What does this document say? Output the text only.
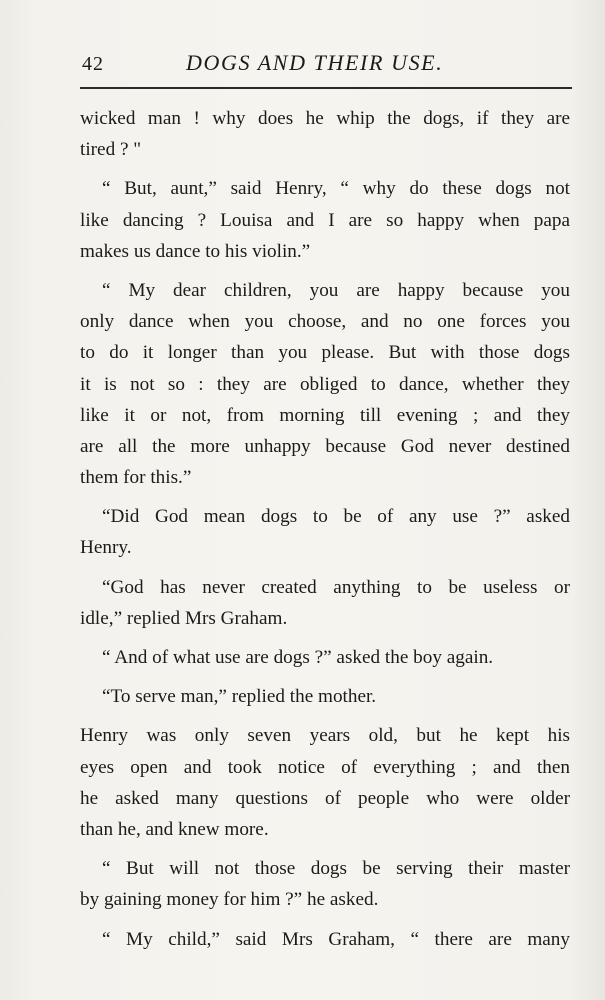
42	DOGS AND THEIR USE.
wicked man ! why does he whip the dogs, if they are
tired ? "
“ But, aunt,” said Henry, “ why do these dogs not
like dancing ? Louisa and I are so happy when papa
makes us dance to his violin.”
“ My dear children, you are happy because you
only dance when you choose, and no one forces you
to do it longer than you please. But with those dogs
it is not so : they are obliged to dance, whether they
like it or not, from morning till evening ; and they
are all the more unhappy because God never destined
them for this.”
“Did God mean dogs to be of any use ?” asked
Henry.
“God has never created anything to be useless or
idle,” replied Mrs Graham.
“ And of what use are dogs ?” asked the boy again.
“To serve man,” replied the mother.
Henry was only seven years old, but he kept his
eyes open and took notice of everything ; and then
he asked many questions of people who were older
than he, and knew more.
“ But will not those dogs be serving their master
by gaining money for him ?” he asked.
“ My child,” said Mrs Graham, “ there are many
